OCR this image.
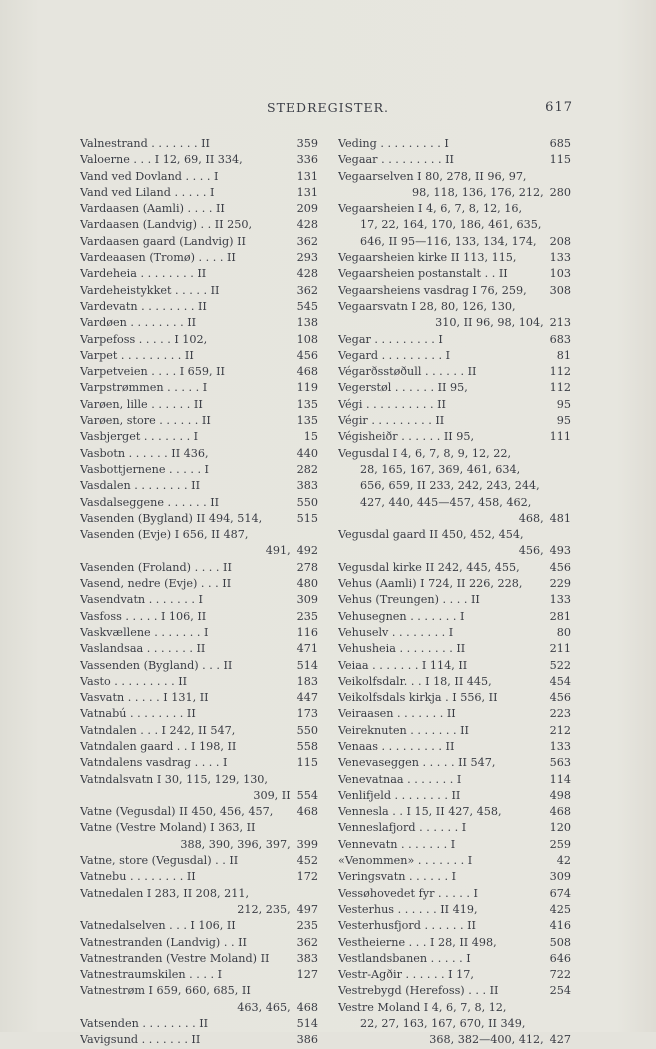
STEDREGISTER.	617
Valnestrand . . . . . . . II	359
Valoerne . . . I 12, 69, II 334,	336
Vand ved Dovland . . . . I	131
Vand ved Liland . . . . . I	131
Vardaasen (Aamli) . . . . II	209
Vardaasen (Landvig) . . II 250,	428
Vardaasen gaard (Landvig) II	362
Vardeaasen (Tromø) . . . . II	293
Vardeheia . . . . . . . . II	428
Vardeheistykket . . . . . II	362
Vardevatn . . . . . . . . II	545
Vardøen . . . . . . . . II	138
Varpefoss . . . . . I 102,	108
Varpet . . . . . . . . . II	456
Varpetveien . . . . I 659, II	468
Varpstrømmen . . . . . I	119
Varøen, lille . . . . . . II	135
Varøen, store . . . . . . II	135
Vasbjerget . . . . . . . I	15
Vasbotn . . . . . . II 436,	440
Vasbottjernene . . . . . I	282
Vasdalen . . . . . . . . II	383
Vasdalseggene . . . . . . II	550
Vasenden (Bygland) II 494, 514,	515
Vasenden (Evje) I 656, II 487,
491, 492
Vasenden (Froland) . . . . II	278
Vasend, nedre (Evje) . . . II	480
Vasendvatn . . . . . . . I	309
Vasfoss . . . . . I 106, II	235
Vaskvællene . . . . . . . I	116
Vaslandsaa . . . . . . . II	471
Vassenden (Bygland) . . . II	514
Vasto . . . . . . . . . II	183
Vasvatn . . . . . I 131, II	447
Vatnabú . . . . . . . . II	173
Vatndalen . . . I 242, II 547,	550
Vatndalen gaard . . I 198, II	558
Vatndalens vasdrag . . . . I	115
Vatndalsvatn I 30, 115, 129, 130,
309, II 554
Vatne (Vegusdal) II 450, 456, 457,	468
Vatne (Vestre Moland) I 363, II
388, 390, 396, 397, 399
Vatne, store (Vegusdal) . . II	452
Vatnebu . . . . . . . . II	172
Vatnedalen I 283, II 208, 211,
212, 235, 497
Vatnedalselven . . . I 106, II	235
Vatnestranden (Landvig) . . II	362
Vatnestranden (Vestre Moland) II	383
Vatnestraumskilen . . . . I	127
Vatnestrøm I 659, 660, 685, II
463, 465, 468
Vatsenden . . . . . . . . II	514
Vavigsund . . . . . . . II	386
Veding . . . . . . . . . I	685
Vegaar . . . . . . . . . II	115
Vegaarselven I 80, 278, II 96, 97,
98, 118, 136, 176, 212, 280
Vegaarsheien I 4, 6, 7, 8, 12, 16,
17, 22, 164, 170, 186, 461, 635,
646, II 95—116, 133, 134, 174,	208
Vegaarsheien kirke II 113, 115,	133
Vegaarsheien postanstalt . . II	103
Vegaarsheiens vasdrag I 76, 259,	308
Vegaarsvatn I 28, 80, 126, 130,
310, II 96, 98, 104, 213
Vegar . . . . . . . . . I	683
Vegard . . . . . . . . . I	81
Végarðsstøðull . . . . . . II	112
Vegerstøl . . . . . . II 95,	112
Végi . . . . . . . . . . II	95
Végir . . . . . . . . . II	95
Végisheiðr . . . . . . II 95,	111
Vegusdal I 4, 6, 7, 8, 9, 12, 22,
28, 165, 167, 369, 461, 634,
656, 659, II 233, 242, 243, 244,
427, 440, 445—457, 458, 462,
468, 481
Vegusdal gaard II 450, 452, 454,
456, 493
Vegusdal kirke II 242, 445, 455,	456
Vehus (Aamli) I 724, II 226, 228,	229
Vehus (Treungen) . . . . II	133
Vehusegnen . . . . . . . I	281
Vehuselv . . . . . . . . I	80
Vehusheia . . . . . . . . II	211
Veiaa . . . . . . . I 114, II	522
Veikolfsdalr. . . I 18, II 445,	454
Veikolfsdals kirkja . I 556, II	456
Veiraasen . . . . . . . II	223
Veireknuten . . . . . . . II	212
Venaas . . . . . . . . . II	133
Venevaseggen . . . . . II 547,	563
Venevatnaa . . . . . . . I	114
Venlifjeld . . . . . . . . II	498
Vennesla . . I 15, II 427, 458,	468
Venneslafjord . . . . . . I	120
Vennevatn . . . . . . . I	259
«Venommen» . . . . . . . I	42
Veringsvatn . . . . . . I	309
Vessøhovedet fyr . . . . . I	674
Vesterhus . . . . . . II 419,	425
Vesterhusfjord . . . . . . II	416
Vestheierne . . . I 28, II 498,	508
Vestlandsbanen . . . . . I	646
Vestr-Agðir . . . . . . I 17,	722
Vestrebygd (Herefoss) . . . II	254
Vestre Moland I 4, 6, 7, 8, 12,
22, 27, 163, 167, 670, II 349,
368, 382—400, 412, 427
